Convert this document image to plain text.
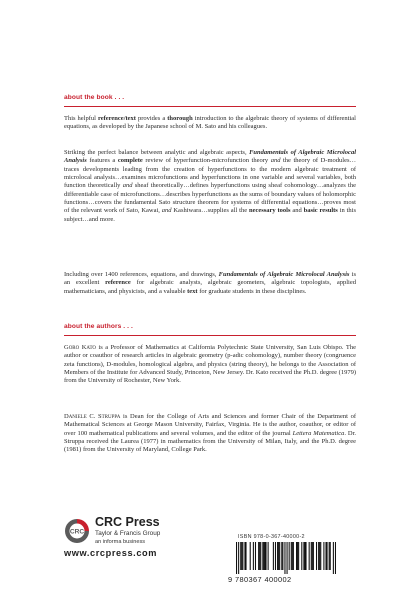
about the book . . .

This helpful reference/text provides a thorough introduction to the algebraic theory of systems of differential equations, as developed by the Japanese school of M. Sato and his colleagues.

Striking the perfect balance between analytic and algebraic aspects, Fundamentals of Algebraic Microlocal Analysis features a complete review of hyperfunction-microfunction theory and the theory of D-modules…traces developments leading from the creation of hyperfunctions to the modern algebraic treatment of microlocal analysis…examines microfunctions and hyperfunctions in one variable and several variables, both function theoretically and sheaf theoretically…defines hyperfunctions using sheaf cohomology…analyzes the differentiable case of microfunctions…describes hyperfunctions as the sums of boundary values of holomorphic functions…covers the fundamental Sato structure theorem for systems of differential equations…proves most of the relevant work of Sato, Kawai, and Kashiwara…supplies all the necessary tools and basic results in this subject…and more.

Including over 1400 references, equations, and drawings, Fundamentals of Algebraic Microlocal Analysis is an excellent reference for algebraic analysts, algebraic geometers, algebraic topologists, applied mathematicians, and physicists, and a valuable text for graduate students in these disciplines.

about the authors . . .

Goro Kato is a Professor of Mathematics at California Polytechnic State University, San Luis Obispo. The author or coauthor of research articles in algebraic geometry (p-adic cohomology), number theory (congruence zeta functions), D-modules, homological algebra, and physics (string theory), he belongs to the Association of Members of the Institute for Advanced Study, Princeton, New Jersey. Dr. Kato received the Ph.D. degree (1979) from the University of Rochester, New York.

Daniele C. Struppa is Dean for the College of Arts and Sciences and former Chair of the Department of Mathematical Sciences at George Mason University, Fairfax, Virginia. He is the author, coauthor, or editor of over 100 mathematical publications and several volumes, and the editor of the journal Lettera Matematica. Dr. Struppa received the Laurea (1977) in mathematics from the University of Milan, Italy, and the Ph.D. degree (1981) from the University of Maryland, College Park.

CRC
CRC Press
Taylor & Francis Group
an informa business
www.crcpress.com
ISBN 978-0-367-40000-2
9 780367 400002
